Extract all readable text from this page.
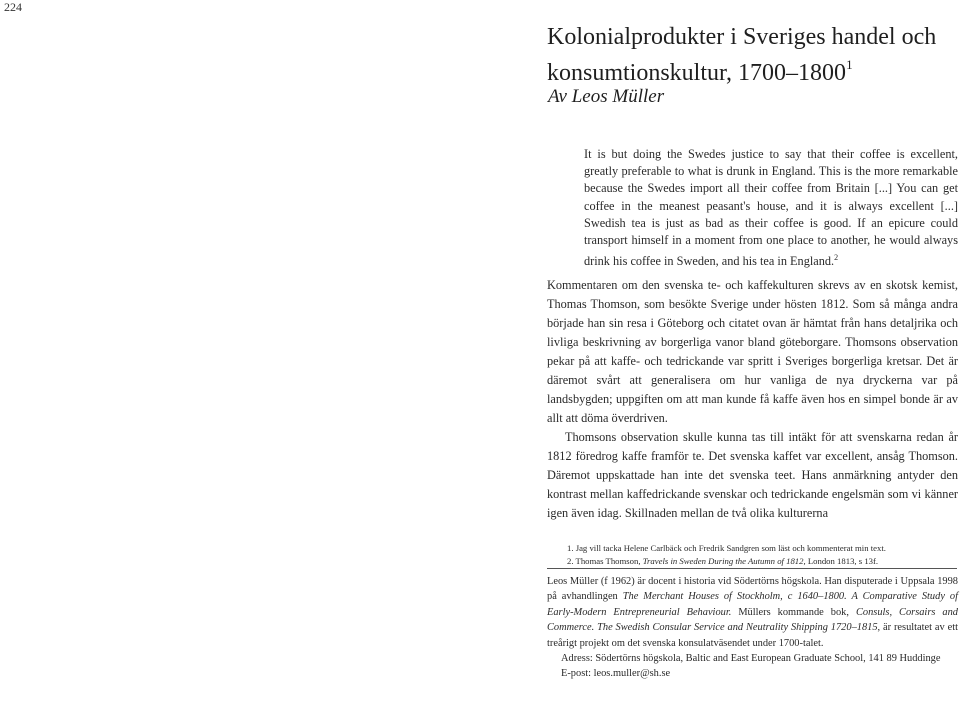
224
Kolonialprodukter i Sveriges handel och konsumtionskultur, 1700–1800$^1$
Av Leos Müller
It is but doing the Swedes justice to say that their coffee is excellent, greatly preferable to what is drunk in England. This is the more remarkable because the Swedes import all their coffee from Britain [...] You can get coffee in the meanest peasant's house, and it is always excellent [...] Swedish tea is just as bad as their coffee is good. If an epicure could transport himself in a moment from one place to another, he would always drink his coffee in Sweden, and his tea in England.$^2$

Kommentaren om den svenska te- och kaffekulturen skrevs av en skotsk kemist, Thomas Thomson, som besökte Sverige under hösten 1812. Som så många andra började han sin resa i Göteborg och citatet ovan är hämtat från hans detaljrika och livliga beskrivning av borgerliga vanor bland göteborgare. Thomsons observation pekar på att kaffe- och tedrickande var spritt i Sveriges borgerliga kretsar. Det är däremot svårt att generalisera om hur vanliga de nya dryckerna var på landsbygden; uppgiften om att man kunde få kaffe även hos en simpel bonde är av allt att döma överdriven.

Thomsons observation skulle kunna tas till intäkt för att svenskarna redan år 1812 föredrog kaffe framför te. Det svenska kaffet var excellent, ansåg Thomson. Däremot uppskattade han inte det svenska teet. Hans anmärkning antyder den kontrast mellan kaffedrickande svenskar och tedrickande engelsmän som vi känner igen även idag. Skillnaden mellan de två olika kulturerna

1. Jag vill tacka Helene Carlbäck och Fredrik Sandgren som läst och kommenterat min text.
2. Thomas Thomson, Travels in Sweden During the Autumn of 1812, London 1813, s 13f.

Leos Müller (f 1962) är docent i historia vid Södertörns högskola. Han disputerade i Uppsala 1998 på avhandlingen The Merchant Houses of Stockholm, c 1640–1800. A Comparative Study of Early-Modern Entrepreneurial Behaviour. Müllers kommande bok, Consuls, Corsairs and Commerce. The Swedish Consular Service and Neutrality Shipping 1720–1815, är resultatet av ett treårigt projekt om det svenska konsulatväsendet under 1700-talet.

Adress: Södertörns högskola, Baltic and East European Graduate School, 141 89 Huddinge

E-post: leos.muller@sh.se
